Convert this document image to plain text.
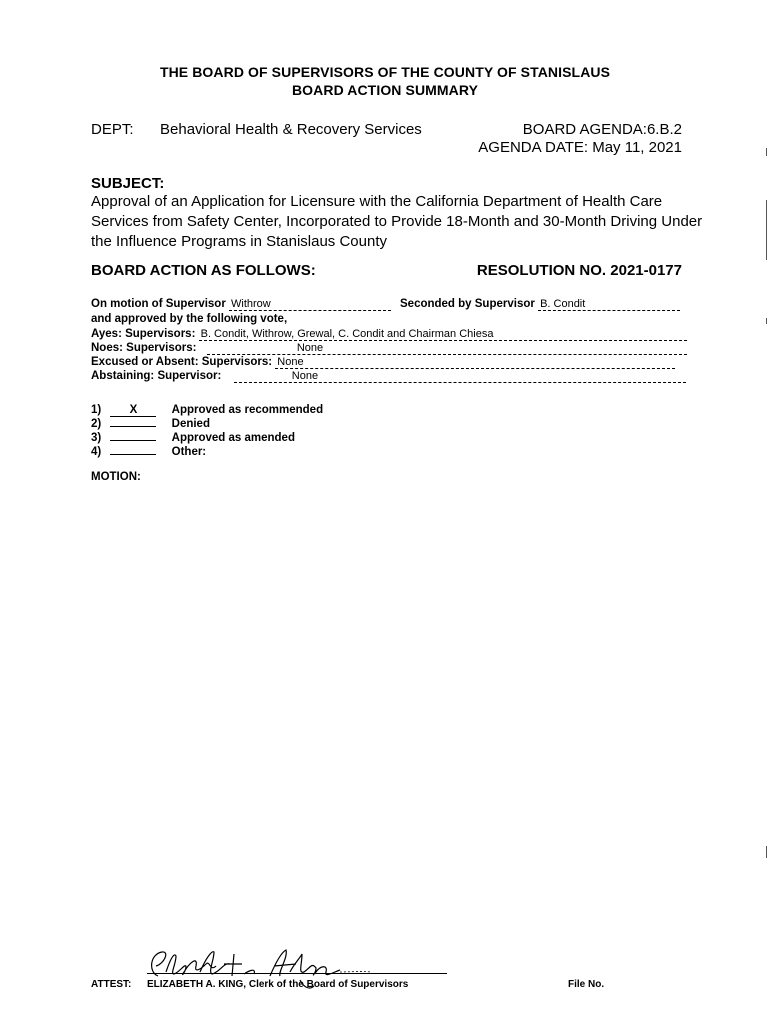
THE BOARD OF SUPERVISORS OF THE COUNTY OF STANISLAUS
BOARD ACTION SUMMARY
DEPT: Behavioral Health & Recovery Services	BOARD AGENDA:6.B.2
AGENDA DATE: May 11, 2021
SUBJECT:
Approval of an Application for Licensure with the California Department of Health Care Services from Safety Center, Incorporated to Provide 18-Month and 30-Month Driving Under the Influence Programs in Stanislaus County
BOARD ACTION AS FOLLOWS:	RESOLUTION NO. 2021-0177
On motion of Supervisor Withrow	Seconded by Supervisor B. Condit
and approved by the following vote,
Ayes: Supervisors: B. Condit, Withrow, Grewal, C. Condit and Chairman Chiesa
Noes: Supervisors:	None
Excused or Absent: Supervisors: None
Abstaining: Supervisor:	None
1) X	Approved as recommended
2)	Denied
3)	Approved as amended
4)	Other:
MOTION:
ATTEST: ELIZABETH A. KING, Clerk of the Board of Supervisors	File No.
